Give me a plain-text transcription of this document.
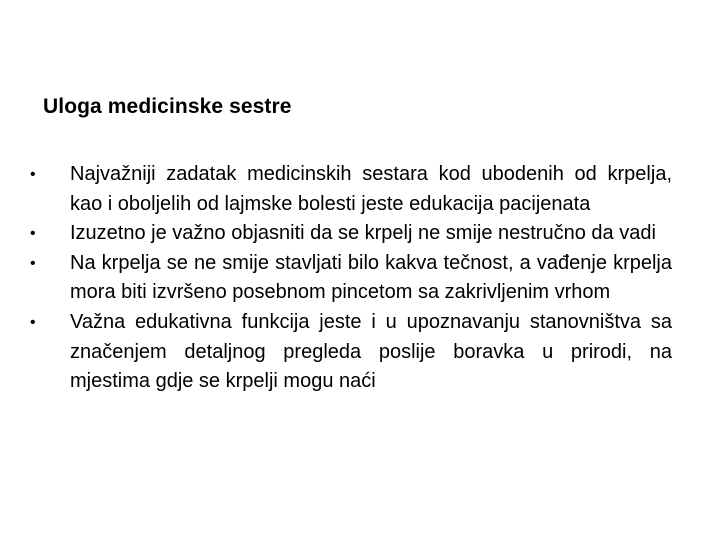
Uloga medicinske sestre
•	Najvažniji zadatak medicinskih sestara kod ubodenih od krpelja, kao i oboljelih od lajmske bolesti jeste edukacija pacijenata
•	Izuzetno je važno objasniti da se krpelj ne smije nestručno da vadi
•	Na krpelja se ne smije stavljati bilo kakva tečnost, a vađenje krpelja mora biti izvršeno posebnom pincetom sa zakrivljenim vrhom
•	Važna edukativna funkcija jeste i u upoznavanju stanovništva sa značenjem detaljnog pregleda poslije boravka u prirodi, na mjestima gdje se krpelji mogu naći
